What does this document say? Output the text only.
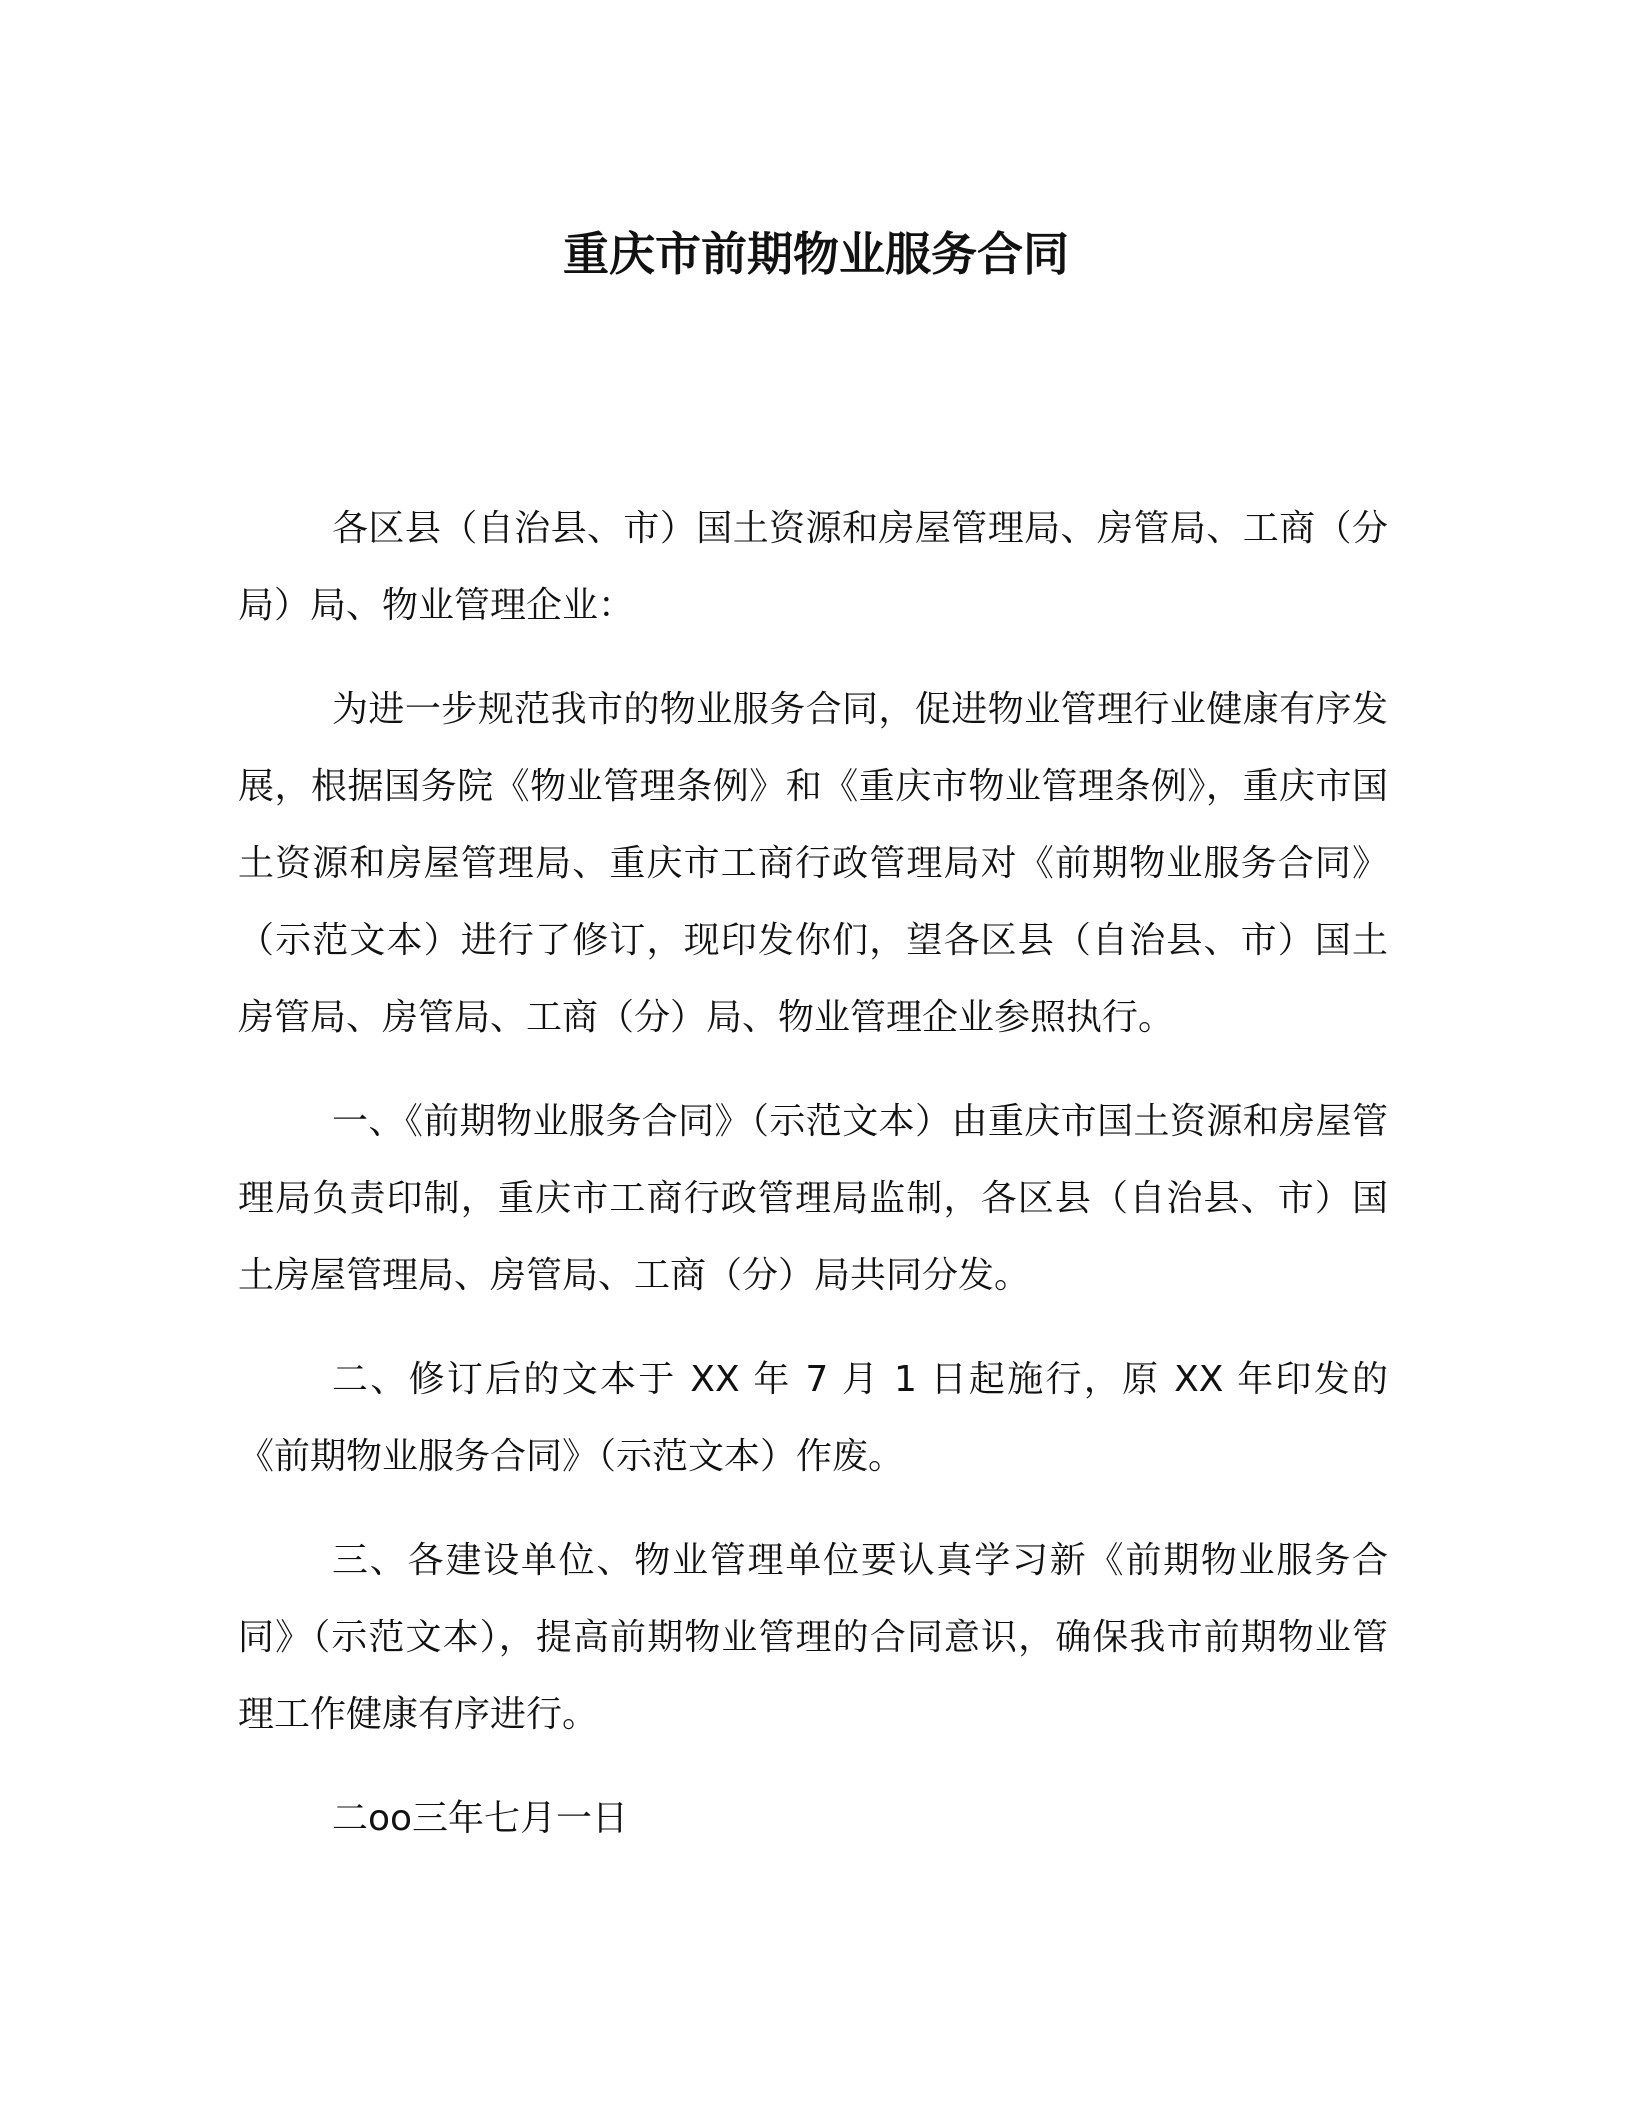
重庆市前期物业服务合同

各区县（自治县、市）国土资源和房屋管理局、房管局、工商（分局）局、物业管理企业：

为进一步规范我市的物业服务合同，促进物业管理行业健康有序发展，根据国务院《物业管理条例》和《重庆市物业管理条例》，重庆市国土资源和房屋管理局、重庆市工商行政管理局对《前期物业服务合同》（示范文本）进行了修订，现印发你们，望各区县（自治县、市）国土房管局、房管局、工商（分）局、物业管理企业参照执行。

一、《前期物业服务合同》（示范文本）由重庆市国土资源和房屋管理局负责印制，重庆市工商行政管理局监制，各区县（自治县、市）国土房屋管理局、房管局、工商（分）局共同分发。

二、修订后的文本于 XX 年 7 月 1 日起施行，原 XX 年印发的《前期物业服务合同》（示范文本）作废。

三、各建设单位、物业管理单位要认真学习新《前期物业服务合同》（示范文本），提高前期物业管理的合同意识，确保我市前期物业管理工作健康有序进行。

二oo三年七月一日
